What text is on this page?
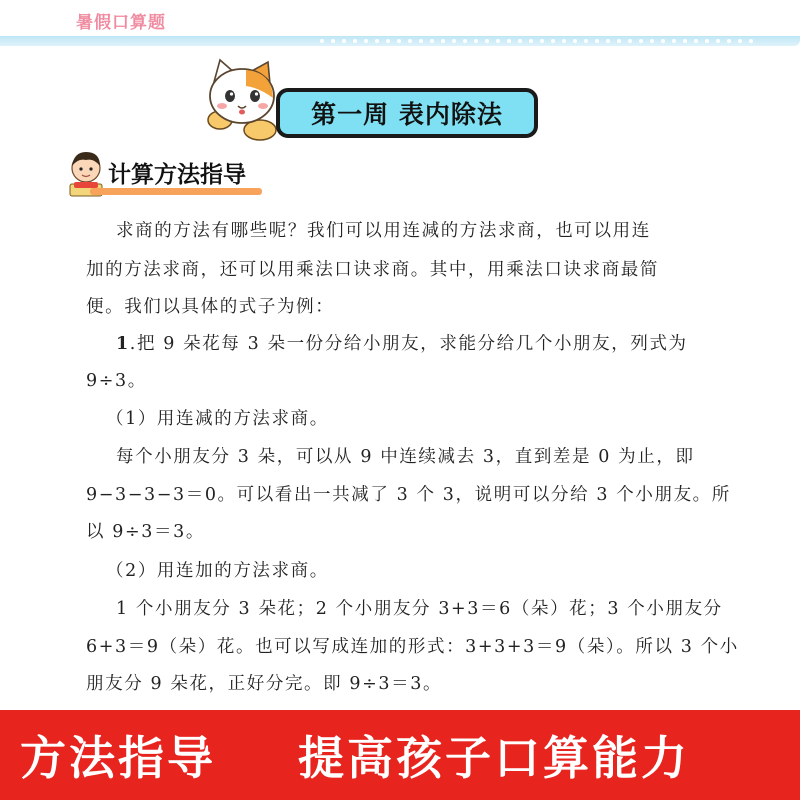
暑假口算题
第一周 表内除法
计算方法指导
求商的方法有哪些呢？我们可以用连减的方法求商，也可以用连
加的方法求商，还可以用乘法口诀求商。其中，用乘法口诀求商最简
便。我们以具体的式子为例：
1.把 9 朵花每 3 朵一份分给小朋友，求能分给几个小朋友，列式为
9÷3。
（1）用连减的方法求商。
每个小朋友分 3 朵，可以从 9 中连续减去 3，直到差是 0 为止，即
9−3−3−3＝0。可以看出一共减了 3 个 3，说明可以分给 3 个小朋友。所
以 9÷3＝3。
（2）用连加的方法求商。
1 个小朋友分 3 朵花；2 个小朋友分 3+3＝6（朵）花；3 个小朋友分
6+3＝9（朵）花。也可以写成连加的形式：3+3+3＝9（朵）。所以 3 个小
朋友分 9 朵花，正好分完。即 9÷3＝3。
方法指导 提高孩子口算能力
